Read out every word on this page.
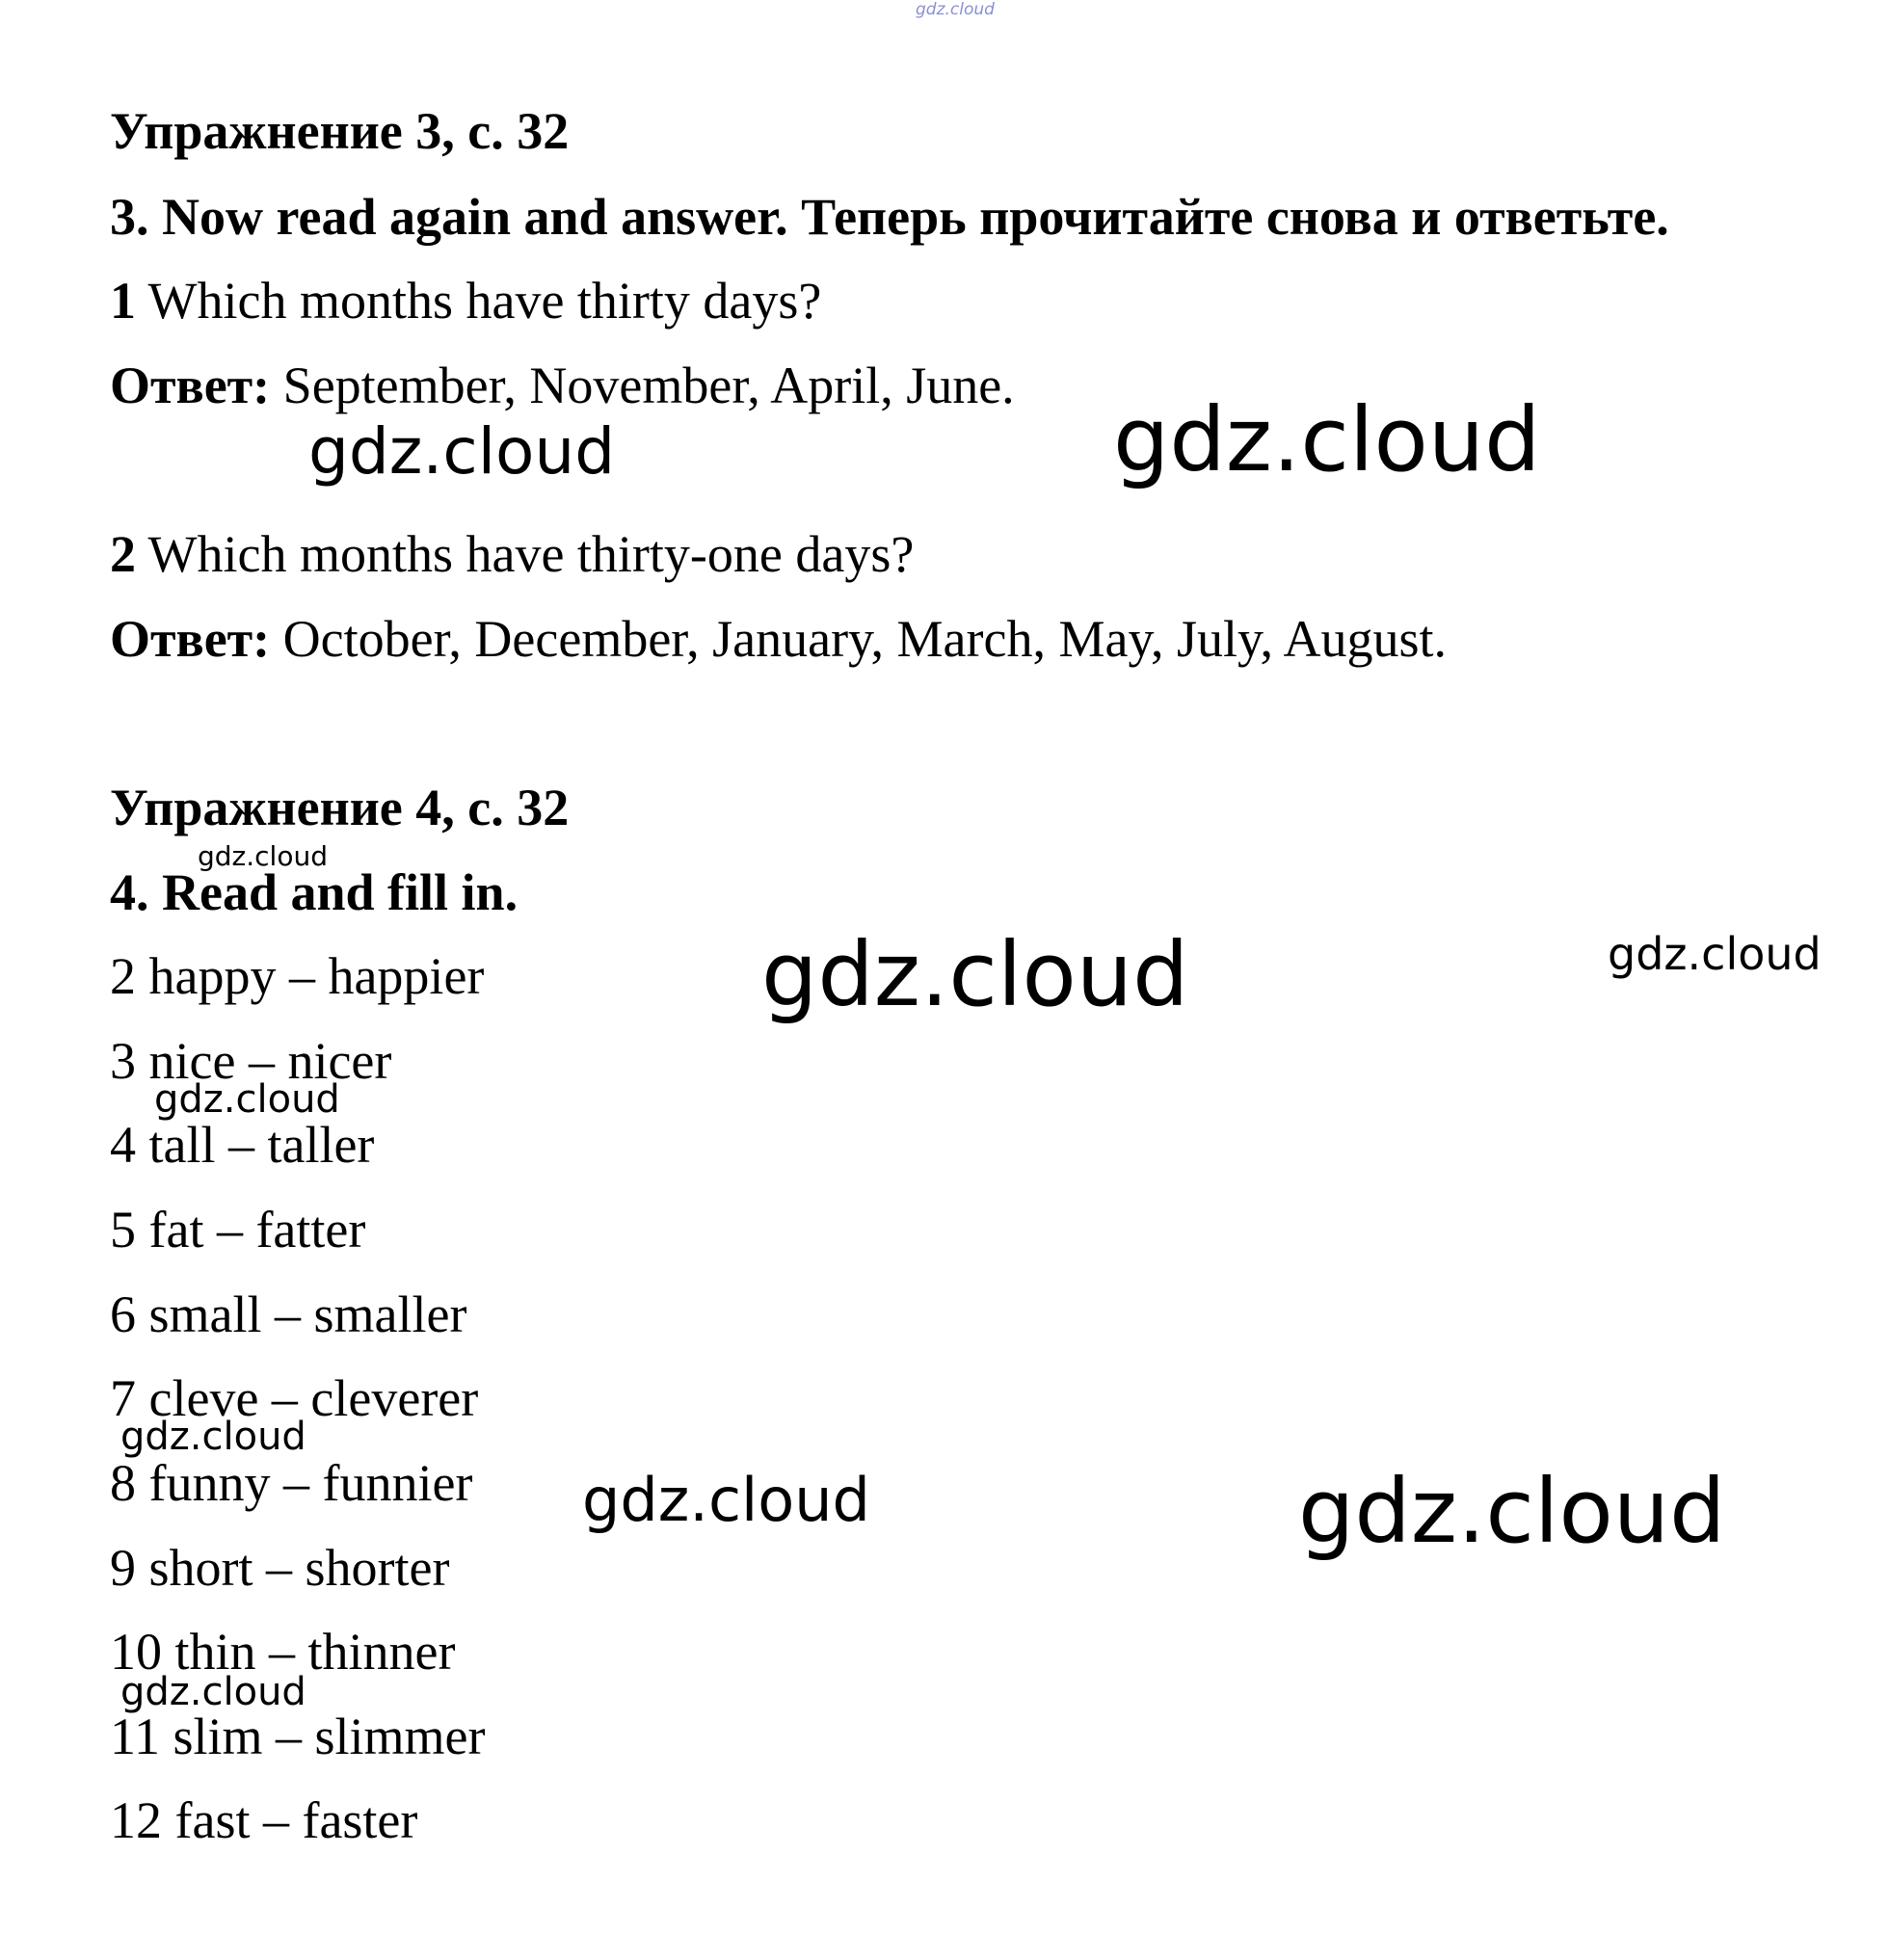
gdz.cloud
Упражнение 3, с. 32
3. Now read again and answer. Теперь прочитайте снова и ответьте.
1 Which months have thirty days?
Ответ: September, November, April, June.
2 Which months have thirty-one days?
Ответ: October, December, January, March, May, July, August.
Упражнение 4, с. 32
4. Read and fill in.
2 happy – happier
3 nice – nicer
4 tall – taller
5 fat – fatter
6 small – smaller
7 cleve – cleverer
8 funny – funnier
9 short – shorter
10 thin – thinner
11 slim – slimmer
12 fast – faster
gdz.cloud	gdz.cloud
gdz.cloud
gdz.cloud	gdz.cloud
gdz.cloud
gdz.cloud
gdz.cloud	gdz.cloud
gdz.cloud
